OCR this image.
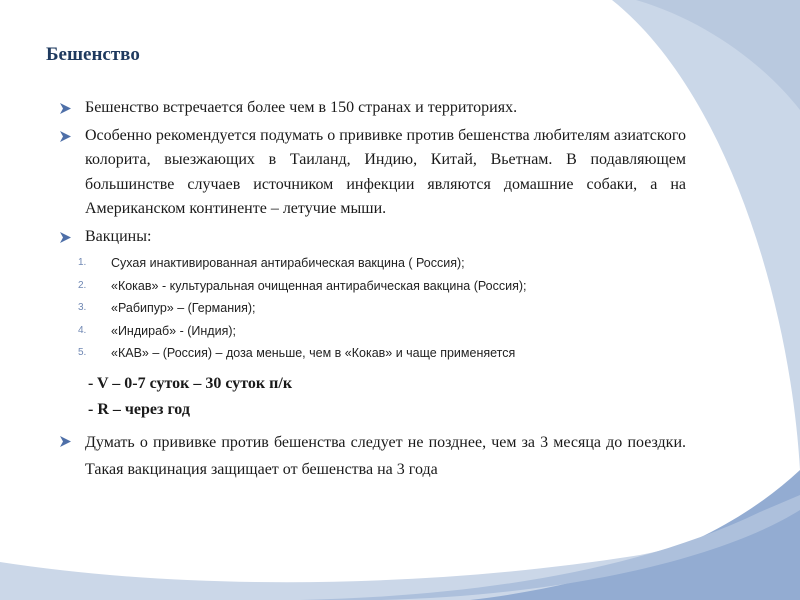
Бешенство
Бешенство встречается более чем в 150 странах и территориях.
Особенно рекомендуется подумать о прививке против бешенства любителям азиатского колорита, выезжающих в Таиланд, Индию, Китай, Вьетнам. В подавляющем большинстве случаев источником инфекции являются домашние собаки, а на Американском континенте – летучие мыши.
Вакцины:
1. Сухая инактивированная антирабическая вакцина ( Россия);
2. «Кокав» - культуральная очищенная антирабическая вакцина (Россия);
3. «Рабипур» – (Германия);
4. «Индираб» - (Индия);
5. «КАВ» – (Россия) – доза меньше, чем в «Кокав» и чаще применяется
- V – 0-7 суток – 30 суток п/к
- R – через год
Думать о прививке против бешенства следует не позднее, чем за 3 месяца до поездки. Такая вакцинация защищает от бешенства на 3 года
